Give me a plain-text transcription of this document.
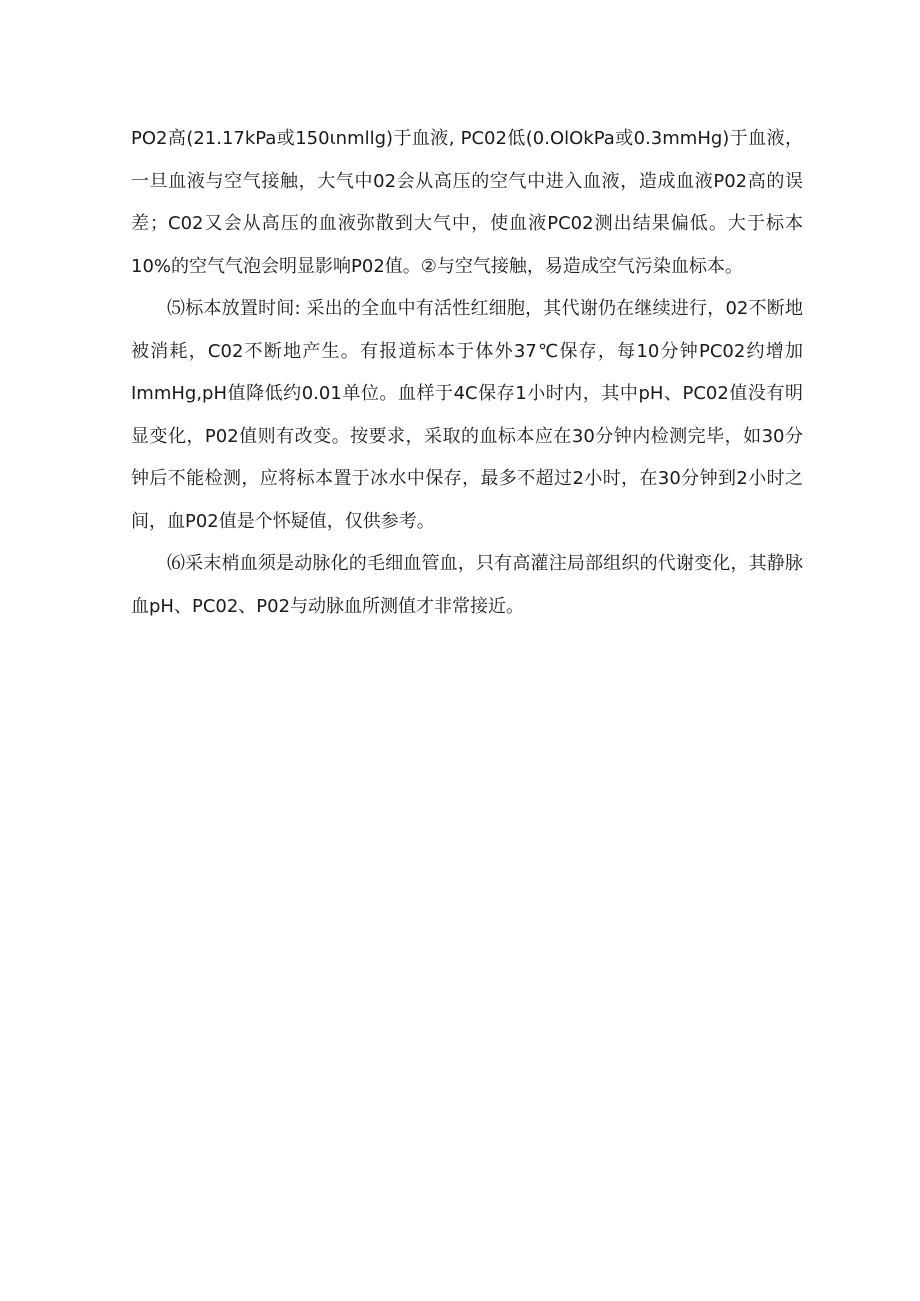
PO2高(21.17kPa或150ιnmllg)于血液, PC02低(0.OlOkPa或0.3mmHg)于血液，一旦血液与空气接触，大气中02会从高压的空气中进入血液，造成血液P02高的误差；C02又会从高压的血液弥散到大气中，使血液PC02测出结果偏低。大于标本10%的空气气泡会明显影响P02值。②与空气接触，易造成空气污染血标本。

⑸标本放置时间: 采出的全血中有活性红细胞，其代谢仍在继续进行，02不断地被消耗，C02不断地产生。有报道标本于体外37℃保存，每10分钟PC02约增加ImmHg,pH值降低约0.01单位。血样于4C保存1小时内，其中pH、PC02值没有明显变化，P02值则有改变。按要求，采取的血标本应在30分钟内检测完毕，如30分钟后不能检测，应将标本置于冰水中保存，最多不超过2小时，在30分钟到2小时之间，血P02值是个怀疑值，仅供参考。

⑹采末梢血须是动脉化的毛细血管血，只有高灌注局部组织的代谢变化，其静脉血pH、PC02、P02与动脉血所测值才非常接近。
